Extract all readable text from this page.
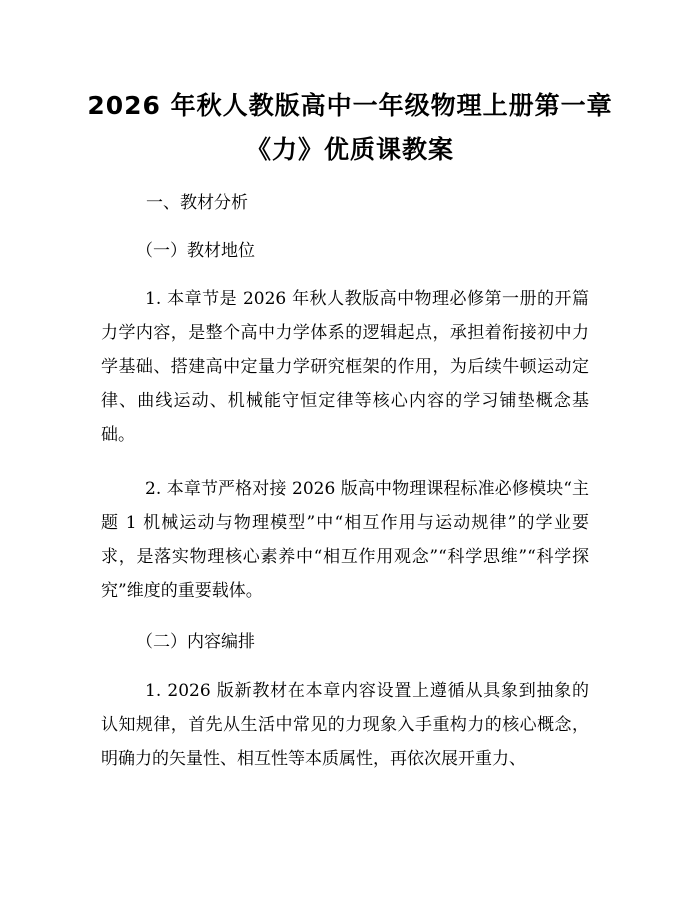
2026 年秋人教版高中一年级物理上册第一章
《力》优质课教案

一、教材分析

（一）教材地位

1. 本章节是 2026 年秋人教版高中物理必修第一册的开篇力学内容，是整个高中力学体系的逻辑起点，承担着衔接初中力学基础、搭建高中定量力学研究框架的作用，为后续牛顿运动定律、曲线运动、机械能守恒定律等核心内容的学习铺垫概念基础。

2. 本章节严格对接 2026 版高中物理课程标准必修模块“主题 1 机械运动与物理模型”中“相互作用与运动规律”的学业要求，是落实物理核心素养中“相互作用观念”“科学思维”“科学探究”维度的重要载体。

（二）内容编排

1. 2026 版新教材在本章内容设置上遵循从具象到抽象的认知规律，首先从生活中常见的力现象入手重构力的核心概念，明确力的矢量性、相互性等本质属性，再依次展开重力、
